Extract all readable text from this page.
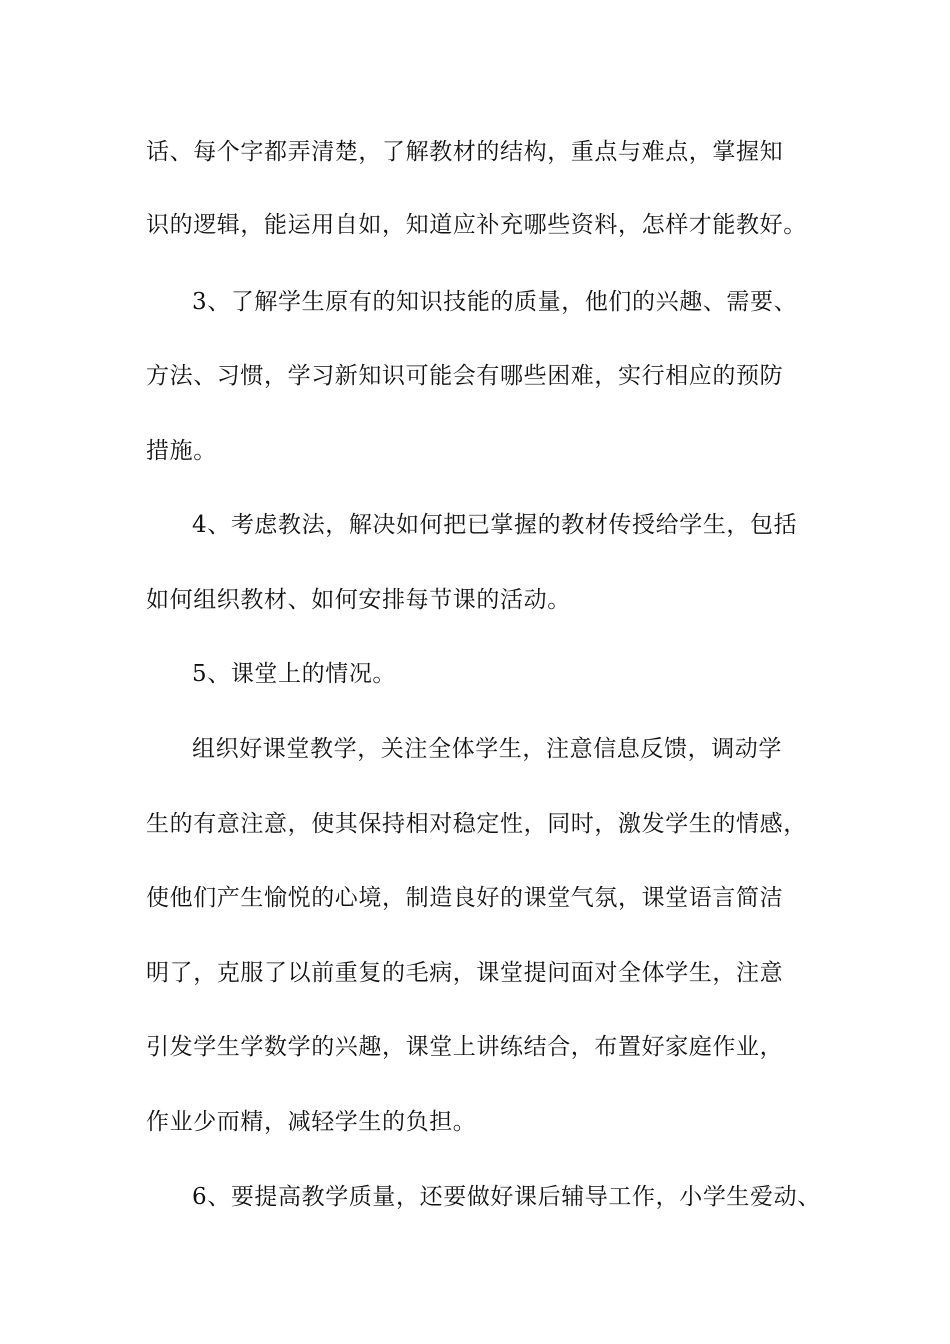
话、每个字都弄清楚，了解教材的结构，重点与难点，掌握知
识的逻辑，能运用自如，知道应补充哪些资料，怎样才能教好。
3、了解学生原有的知识技能的质量，他们的兴趣、需要、
方法、习惯，学习新知识可能会有哪些困难，实行相应的预防
措施。
4、考虑教法，解决如何把已掌握的教材传授给学生，包括
如何组织教材、如何安排每节课的活动。
5、课堂上的情况。
组织好课堂教学，关注全体学生，注意信息反馈，调动学
生的有意注意，使其保持相对稳定性，同时，激发学生的情感，
使他们产生愉悦的心境，制造良好的课堂气氛，课堂语言简洁
明了，克服了以前重复的毛病，课堂提问面对全体学生，注意
引发学生学数学的兴趣，课堂上讲练结合，布置好家庭作业，
作业少而精，减轻学生的负担。
6、要提高教学质量，还要做好课后辅导工作，小学生爱动、
